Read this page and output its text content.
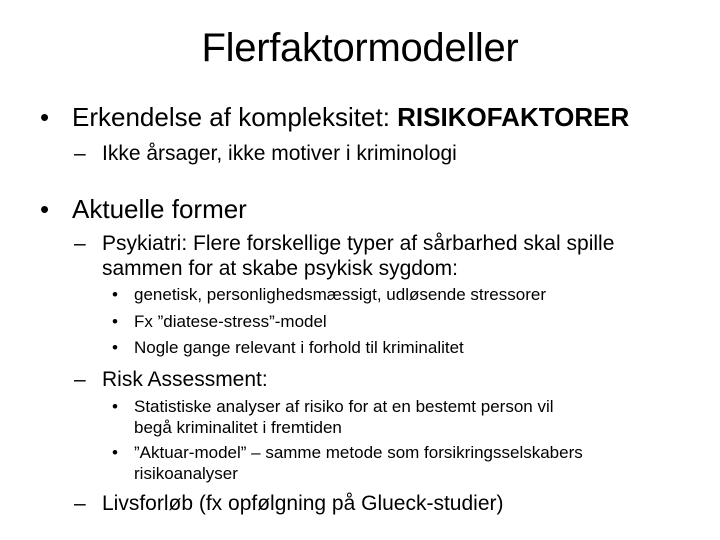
Flerfaktormodeller
• Erkendelse af kompleksitet: RISIKOFAKTORER
– Ikke årsager, ikke motiver i kriminologi
• Aktuelle former
– Psykiatri: Flere forskellige typer af sårbarhed skal spille
sammen for at skabe psykisk sygdom:
• genetisk, personlighedsmæssigt, udløsende stressorer
• Fx ”diatese-stress”-model
• Nogle gange relevant i forhold til kriminalitet
– Risk Assessment:
• Statistiske analyser af risiko for at en bestemt person vil
begå kriminalitet i fremtiden
• ”Aktuar-model” – samme metode som forsikringsselskabers
risikoanalyser
– Livsforløb (fx opfølgning på Glueck-studier)
